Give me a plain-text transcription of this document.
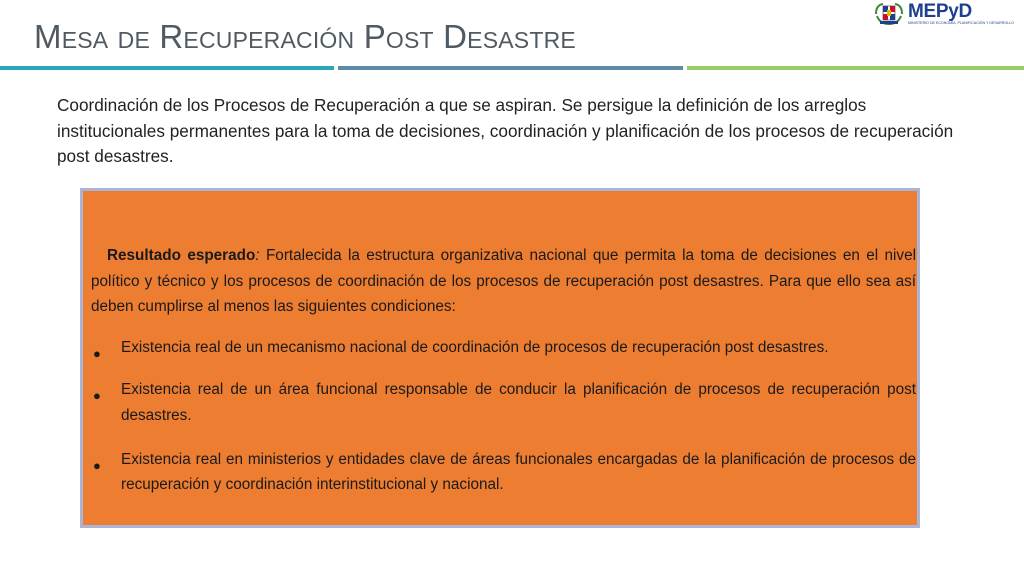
Mesa de Recuperación Post Desastre
MEPyD
MINISTERIO DE ECONOMÍA, PLANIFICACIÓN Y DESARROLLO
Coordinación de los Procesos de Recuperación a que se aspiran. Se persigue la definición de los arreglos institucionales permanentes para la toma de decisiones, coordinación y planificación de los procesos de recuperación post desastres.
Resultado esperado: Fortalecida la estructura organizativa nacional que permita la toma de decisiones en el nivel político y técnico y los procesos de coordinación de los procesos de recuperación post desastres. Para que ello sea así deben cumplirse al menos las siguientes condiciones:
● Existencia real de un mecanismo nacional de coordinación de procesos de recuperación post desastres.
● Existencia real de un área funcional responsable de conducir la planificación de procesos de recuperación post desastres.
● Existencia real en ministerios y entidades clave de áreas funcionales encargadas de la planificación de procesos de recuperación y coordinación interinstitucional y nacional.
